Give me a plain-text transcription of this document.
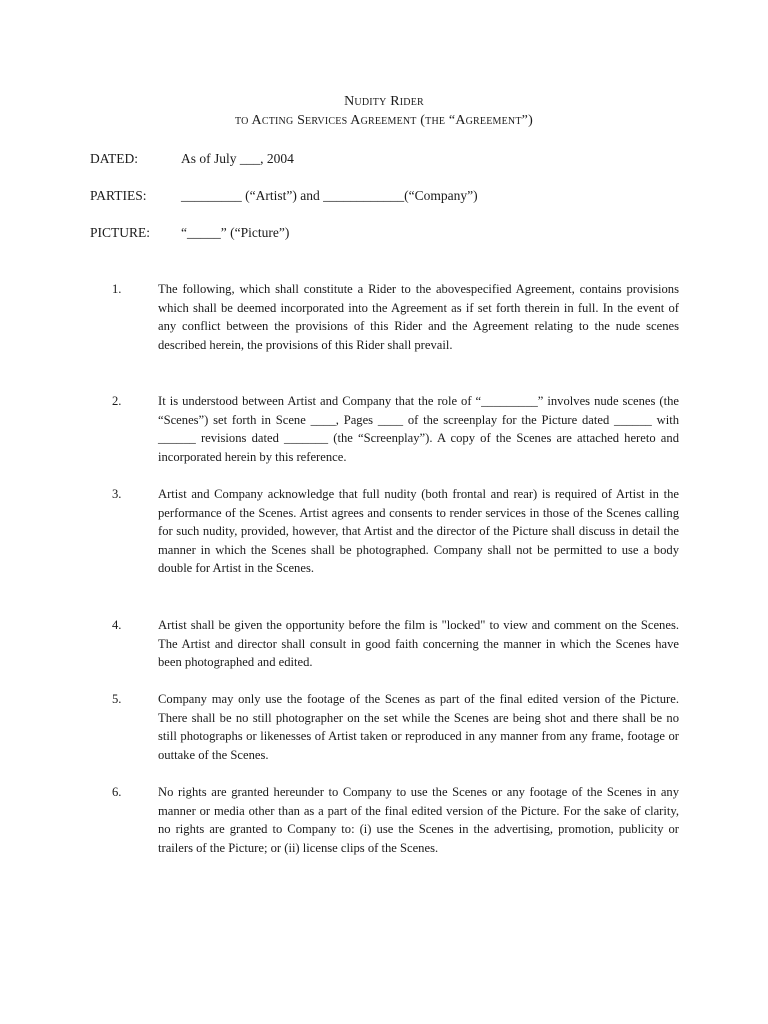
Nudity Rider
to Acting Services Agreement (the “Agreement”)
DATED:	As of July ___, 2004
PARTIES:	_________ (“Artist”) and ____________(“Company”)
PICTURE: “_____” (“Picture”)
1.	The following, which shall constitute a Rider to the abovespecified Agreement, contains provisions which shall be deemed incorporated into the Agreement as if set forth therein in full. In the event of any conflict between the provisions of this Rider and the Agreement relating to the nude scenes described herein, the provisions of this Rider shall prevail.
2.	It is understood between Artist and Company that the role of “_________” involves nude scenes (the “Scenes”) set forth in Scene ____, Pages ____ of the screenplay for the Picture dated ______ with ______ revisions dated _______ (the “Screenplay”). A copy of the Scenes are attached hereto and incorporated herein by this reference.
3.	Artist and Company acknowledge that full nudity (both frontal and rear) is required of Artist in the performance of the Scenes. Artist agrees and consents to render services in those of the Scenes calling for such nudity, provided, however, that Artist and the director of the Picture shall discuss in detail the manner in which the Scenes shall be photographed. Company shall not be permitted to use a body double for Artist in the Scenes.
4.	Artist shall be given the opportunity before the film is "locked" to view and comment on the Scenes. The Artist and director shall consult in good faith concerning the manner in which the Scenes have been photographed and edited.
5.	Company may only use the footage of the Scenes as part of the final edited version of the Picture. There shall be no still photographer on the set while the Scenes are being shot and there shall be no still photographs or likenesses of Artist taken or reproduced in any manner from any frame, footage or outtake of the Scenes.
6.	No rights are granted hereunder to Company to use the Scenes or any footage of the Scenes in any manner or media other than as a part of the final edited version of the Picture. For the sake of clarity, no rights are granted to Company to: (i) use the Scenes in the advertising, promotion, publicity or trailers of the Picture; or (ii) license clips of the Scenes.
